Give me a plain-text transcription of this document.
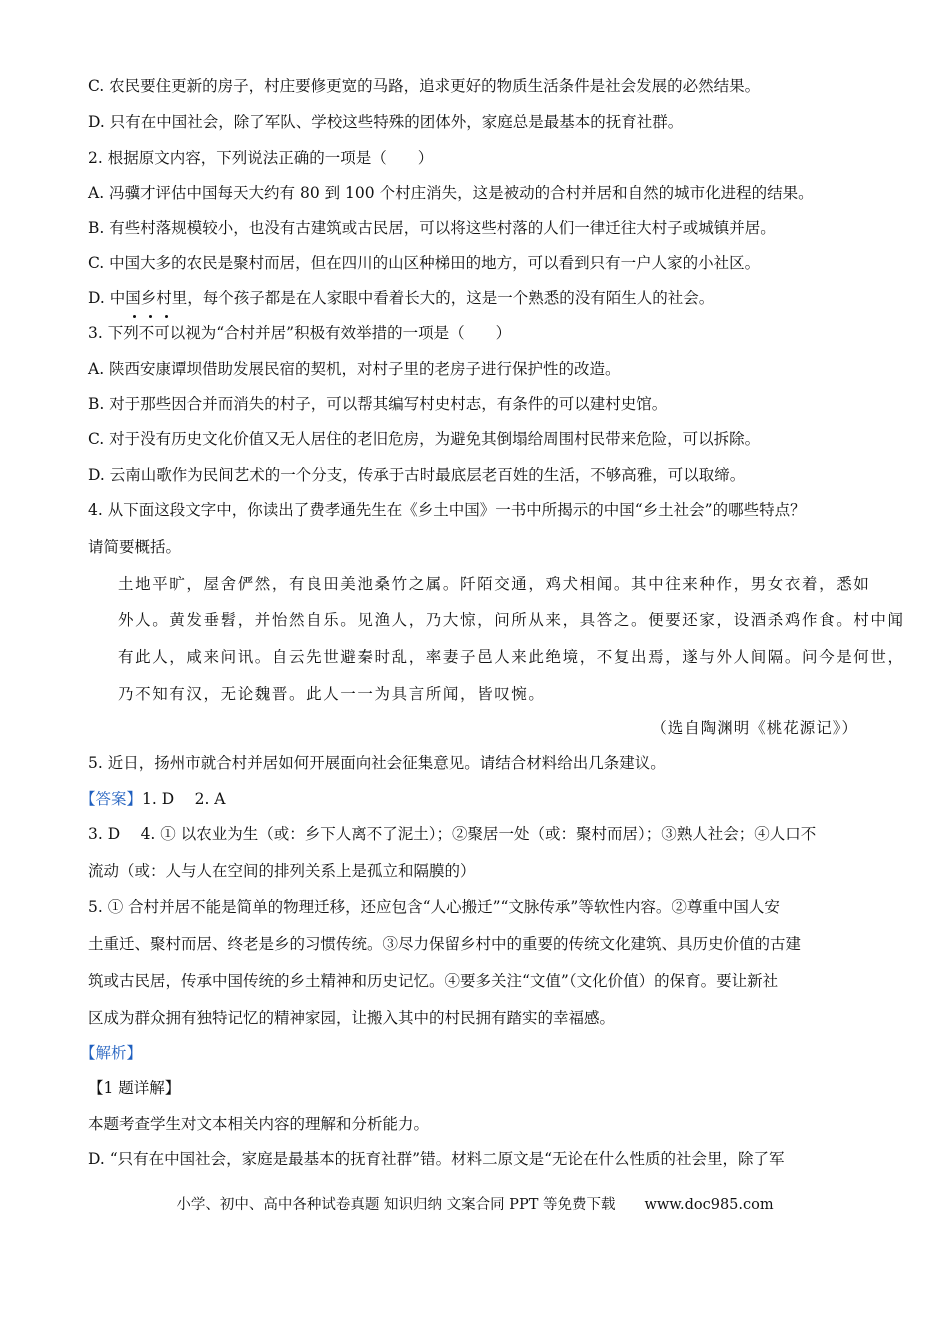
C. 农民要住更新的房子，村庄要修更宽的马路，追求更好的物质生活条件是社会发展的必然结果。
D. 只有在中国社会，除了军队、学校这些特殊的团体外，家庭总是最基本的抚育社群。
2. 根据原文内容，下列说法正确的一项是（　　）
A. 冯骥才评估中国每天大约有 80 到 100 个村庄消失，这是被动的合村并居和自然的城市化进程的结果。
B. 有些村落规模较小，也没有古建筑或古民居，可以将这些村落的人们一律迁往大村子或城镇并居。
C. 中国大多的农民是聚村而居，但在四川的山区种梯田的地方，可以看到只有一户人家的小社区。
D. 中国乡村里，每个孩子都是在人家眼中看着长大的，这是一个熟悉的没有陌生人的社会。
3. 下列不可以视为“合村并居”积极有效举措的一项是（　　）
A. 陕西安康谭坝借助发展民宿的契机，对村子里的老房子进行保护性的改造。
B. 对于那些因合并而消失的村子，可以帮其编写村史村志，有条件的可以建村史馆。
C. 对于没有历史文化价值又无人居住的老旧危房，为避免其倒塌给周围村民带来危险，可以拆除。
D. 云南山歌作为民间艺术的一个分支，传承于古时最底层老百姓的生活，不够高雅，可以取缔。
4. 从下面这段文字中，你读出了费孝通先生在《乡土中国》一书中所揭示的中国“乡土社会”的哪些特点？
请简要概括。
土地平旷，屋舍俨然，有良田美池桑竹之属。阡陌交通，鸡犬相闻。其中往来种作，男女衣着，悉如
外人。黄发垂髫，并怡然自乐。见渔人，乃大惊，问所从来，具答之。便要还家，设酒杀鸡作食。村中闻
有此人，咸来问讯。自云先世避秦时乱，率妻子邑人来此绝境，不复出焉，遂与外人间隔。问今是何世，
乃不知有汉，无论魏晋。此人一一为具言所闻，皆叹惋。
（选自陶渊明《桃花源记》）
5. 近日，扬州市就合村并居如何开展面向社会征集意见。请结合材料给出几条建议。
【答案】1. D　 2. A
3. D　 4. ① 以农业为生（或：乡下人离不了泥土）；②聚居一处（或：聚村而居）；③熟人社会；④人口不
流动（或：人与人在空间的排列关系上是孤立和隔膜的）
5. ① 合村并居不能是简单的物理迁移，还应包含“人心搬迁”“文脉传承”等软性内容。②尊重中国人安
土重迁、聚村而居、终老是乡的习惯传统。③尽力保留乡村中的重要的传统文化建筑、具历史价值的古建
筑或古民居，传承中国传统的乡土精神和历史记忆。④要多关注“文值”（文化价值）的保育。要让新社
区成为群众拥有独特记忆的精神家园，让搬入其中的村民拥有踏实的幸福感。
【解析】
【1 题详解】
本题考查学生对文本相关内容的理解和分析能力。
D. “只有在中国社会，家庭是最基本的抚育社群”错。材料二原文是“无论在什么性质的社会里，除了军
小学、初中、高中各种试卷真题 知识归纳 文案合同 PPT 等免费下载　　www.doc985.com
